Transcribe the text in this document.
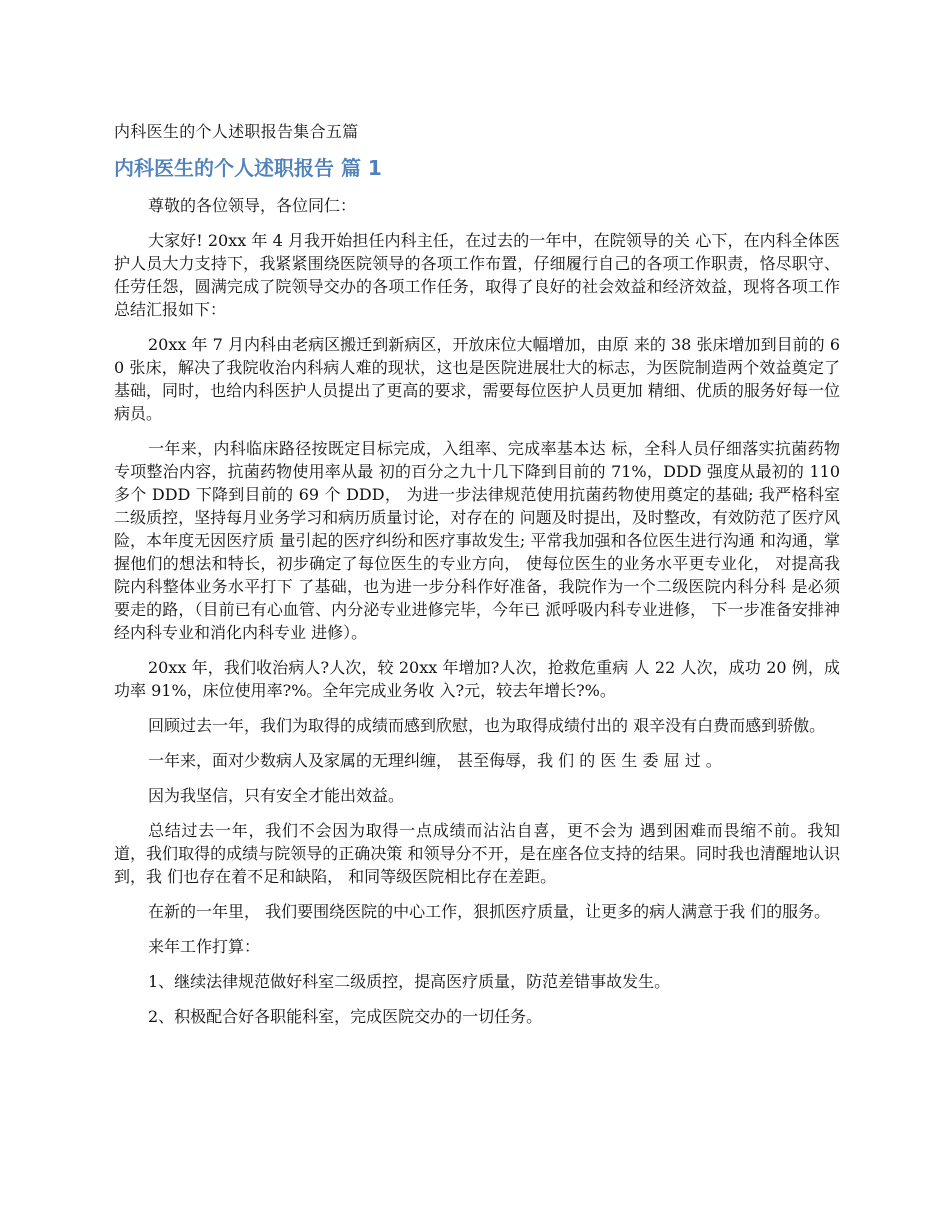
内科医生的个人述职报告集合五篇
内科医生的个人述职报告 篇 1

尊敬的各位领导，各位同仁：

大家好! 20xx 年 4 月我开始担任内科主任，在过去的一年中，在院领导的关 心下，在内科全体医护人员大力支持下，我紧紧围绕医院领导的各项工作布置，仔细履行自己的各项工作职责，恪尽职守、任劳任怨，圆满完成了院领导交办的各项工作任务，取得了良好的社会效益和经济效益，现将各项工作总结汇报如下：

20xx 年 7 月内科由老病区搬迁到新病区，开放床位大幅增加，由原 来的 38 张床增加到目前的 60 张床，解决了我院收治内科病人难的现状，这也是医院进展壮大的标志，为医院制造两个效益奠定了基础，同时，也给内科医护人员提出了更高的要求，需要每位医护人员更加 精细、优质的服务好每一位病员。

一年来，内科临床路径按既定目标完成，入组率、完成率基本达 标，全科人员仔细落实抗菌药物专项整治内容，抗菌药物使用率从最 初的百分之九十几下降到目前的 71%，DDD 强度从最初的 110 多个 DDD 下降到目前的 69 个 DDD， 为进一步法律规范使用抗菌药物使用奠定的基础; 我严格科室二级质控，坚持每月业务学习和病历质量讨论，对存在的 问题及时提出，及时整改，有效防范了医疗风险，本年度无因医疗质 量引起的医疗纠纷和医疗事故发生; 平常我加强和各位医生进行沟通 和沟通，掌握他们的想法和特长，初步确定了每位医生的专业方向， 使每位医生的业务水平更专业化， 对提高我院内科整体业务水平打下 了基础，也为进一步分科作好准备，我院作为一个二级医院内科分科 是必须要走的路，（目前已有心血管、内分泌专业进修完毕，今年已 派呼吸内科专业进修， 下一步准备安排神经内科专业和消化内科专业 进修）。

20xx 年，我们收治病人?人次，较 20xx 年增加?人次，抢救危重病 人 22 人次，成功 20 例，成功率 91%，床位使用率?%。全年完成业务收 入?元，较去年增长?%。

回顾过去一年，我们为取得的成绩而感到欣慰，也为取得成绩付出的 艰辛没有白费而感到骄傲。

一年来，面对少数病人及家属的无理纠缠， 甚至侮辱，我 们 的 医 生 委 屈 过 。

因为我坚信，只有安全才能出效益。

总结过去一年，我们不会因为取得一点成绩而沾沾自喜，更不会为 遇到困难而畏缩不前。我知道，我们取得的成绩与院领导的正确决策 和领导分不开，是在座各位支持的结果。同时我也清醒地认识到，我 们也存在着不足和缺陷， 和同等级医院相比存在差距。

在新的一年里， 我们要围绕医院的中心工作，狠抓医疗质量，让更多的病人满意于我 们的服务。

来年工作打算：

1、继续法律规范做好科室二级质控，提高医疗质量，防范差错事故发生。

2、积极配合好各职能科室，完成医院交办的一切任务。
